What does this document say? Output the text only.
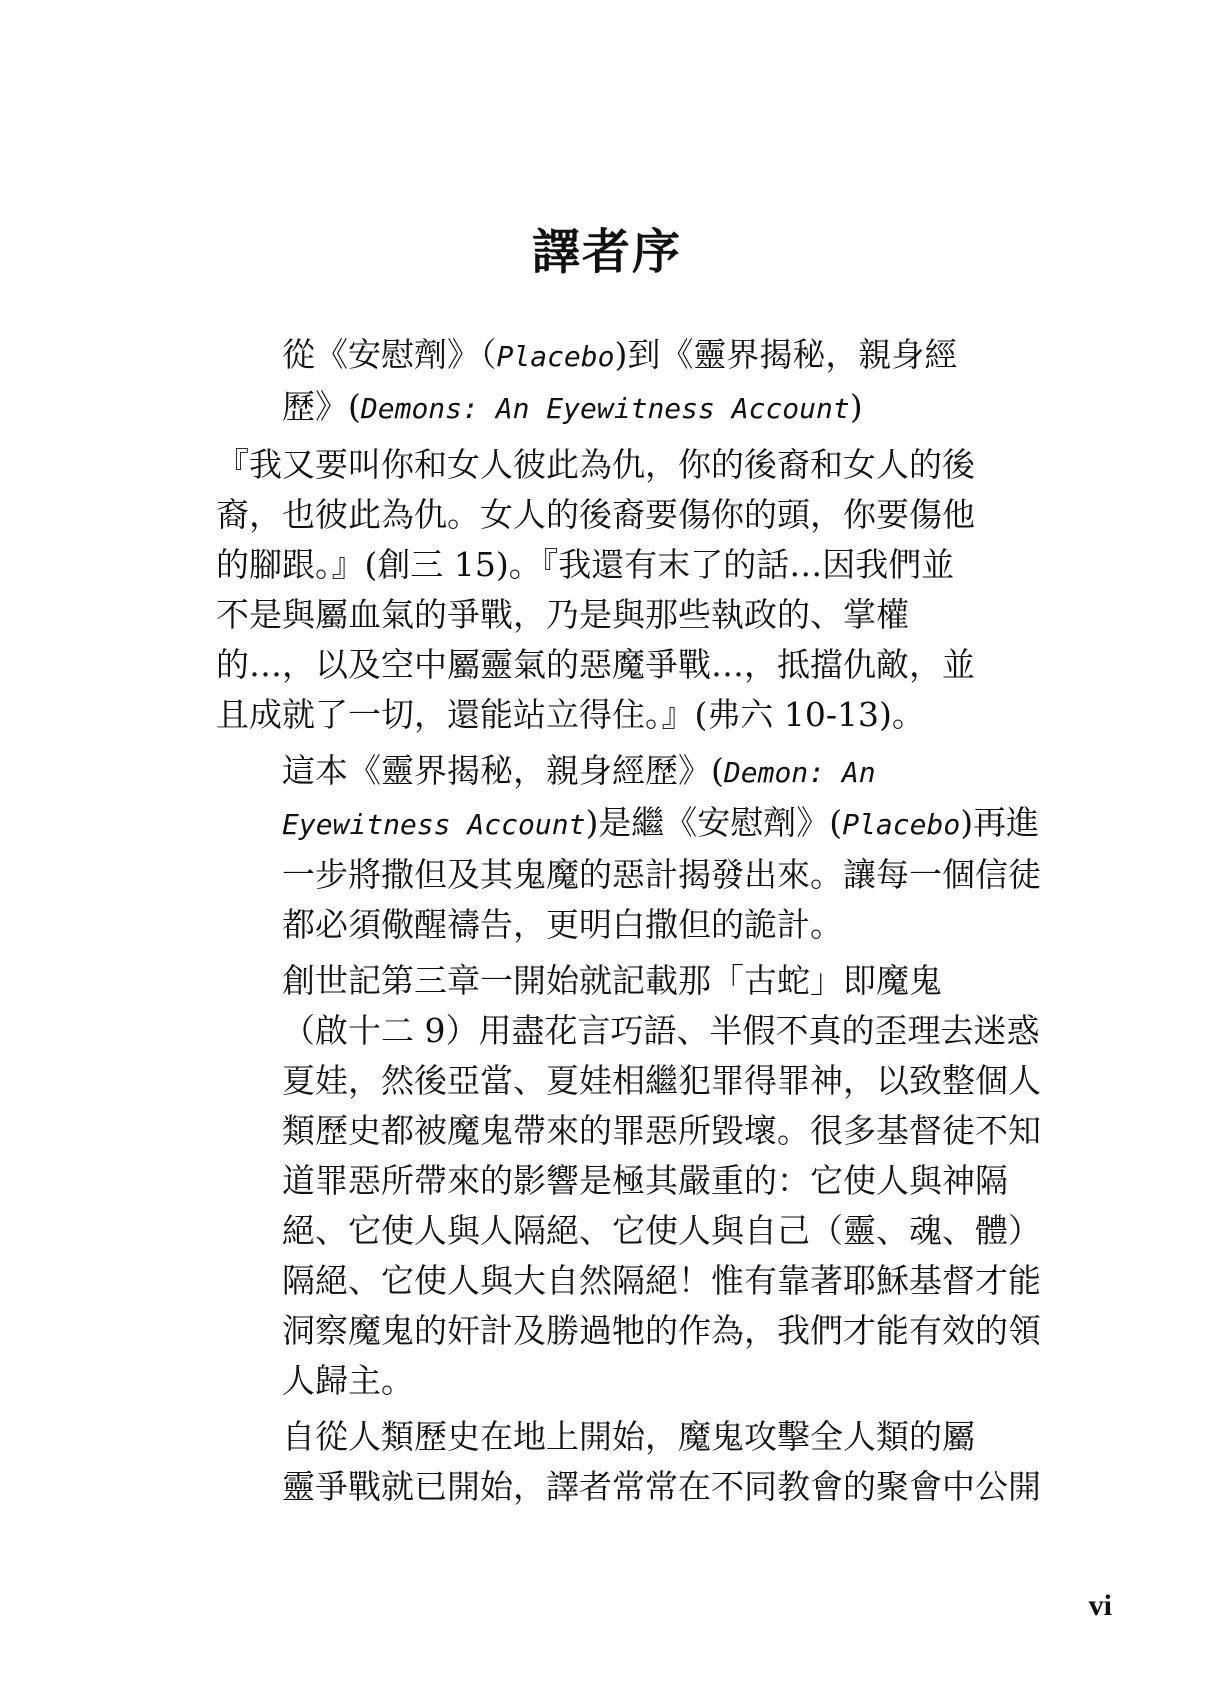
譯者序

從《安慰劑》（Placebo)到《靈界揭秘，親身經
歷》(Demons: An Eyewitness Account)

『我又要叫你和女人彼此為仇，你的後裔和女人的後
裔，也彼此為仇。女人的後裔要傷你的頭，你要傷他
的腳跟。』(創三 15)。『我還有末了的話…因我們並
不是與屬血氣的爭戰，乃是與那些執政的、掌權
的…，以及空中屬靈氣的惡魔爭戰…，抵擋仇敵，並
且成就了一切，還能站立得住。』(弗六 10-13)。

這本《靈界揭秘，親身經歷》(Demon: An
Eyewitness Account)是繼《安慰劑》(Placebo)再進
一步將撒但及其鬼魔的惡計揭發出來。讓每一個信徒
都必須儆醒禱告，更明白撒但的詭計。

創世記第三章一開始就記載那「古蛇」即魔鬼
（啟十二 9）用盡花言巧語、半假不真的歪理去迷惑
夏娃，然後亞當、夏娃相繼犯罪得罪神，以致整個人
類歷史都被魔鬼帶來的罪惡所毀壞。很多基督徒不知
道罪惡所帶來的影響是極其嚴重的：它使人與神隔
絕、它使人與人隔絕、它使人與自己（靈、魂、體）
隔絕、它使人與大自然隔絕！惟有靠著耶穌基督才能
洞察魔鬼的奸計及勝過牠的作為，我們才能有效的領
人歸主。

自從人類歷史在地上開始，魔鬼攻擊全人類的屬
靈爭戰就已開始，譯者常常在不同教會的聚會中公開

vi
